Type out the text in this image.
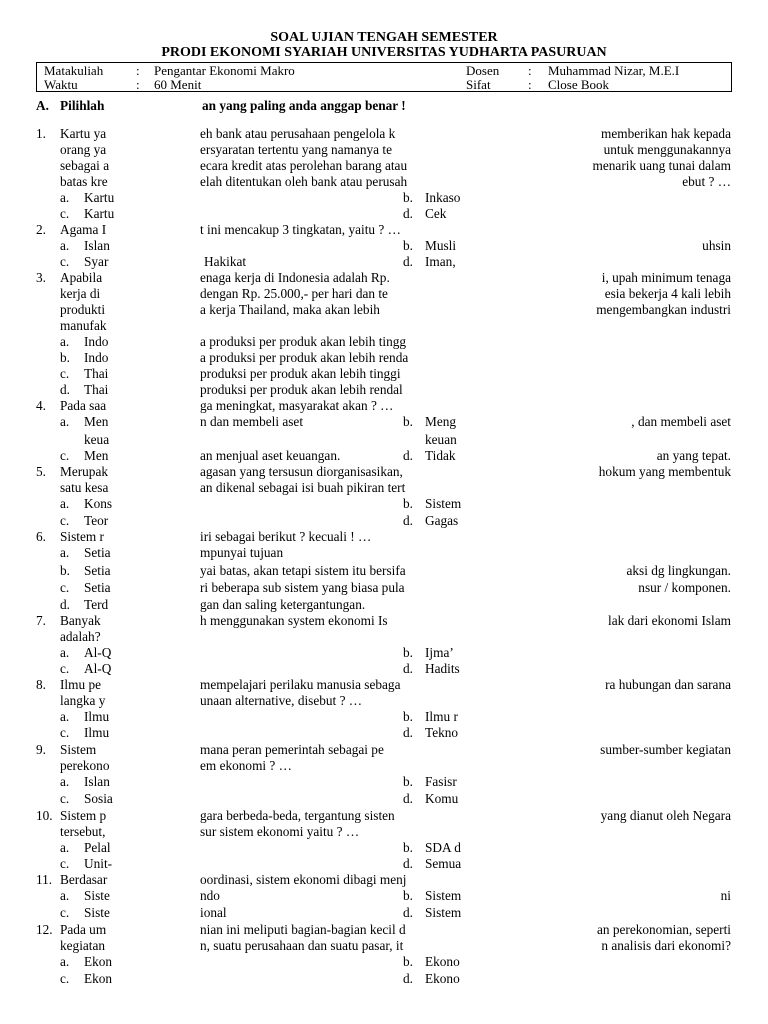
SOAL UJIAN TENGAH SEMESTER
PRODI EKONOMI SYARIAH UNIVERSITAS YUDHARTA PASURUAN
Matakuliah	: Pengantar Ekonomi Makro	Dosen : Muhammad Nizar, M.E.I
Waktu	: 60 Menit	Sifat	: Close Book
A. Pilihlah	an yang paling anda anggap benar !
1. Kartu ya	eh bank atau perusahaan pengelola k	memberikan hak kepada
orang ya	ersyaratan tertentu yang namanya te	untuk menggunakannya
sebagai a	ecara kredit atas perolehan barang atau	menarik uang tunai dalam
batas kre	elah ditentukan oleh bank atau perusah	ebut ? …
a. Kartu	b. Inkaso
c. Kartu	d. Cek
2. Agama I	t ini mencakup 3 tingkatan, yaitu ? …
a. Islan	b. Musli	uhsin
c. Syar	Hakikat	d. Iman,
3. Apabila	enaga kerja di Indonesia adalah Rp.	i, upah minimum tenaga
kerja di	dengan Rp. 25.000,- per hari dan te	esia bekerja 4 kali lebih
produkti	a kerja Thailand, maka akan lebih	mengembangkan industri
manufak
a. Indo	a produksi per produk akan lebih tingg
b. Indo	a produksi per produk akan lebih renda
c. Thai	produksi per produk akan lebih tinggi
d. Thai	produksi per produk akan lebih rendal
4. Pada saa	ga meningkat, masyarakat akan ? …
a. Men	n dan membeli aset	b. Meng	, dan membeli aset
keua	keuan
c. Men	an menjual aset keuangan.	d. Tidak	an yang tepat.
5. Merupak	agasan yang tersusun diorganisasikan,	hokum yang membentuk
satu kesa	an dikenal sebagai isi buah pikiran tert
a. Kons	b. Sistem
c. Teor	d. Gagas
6. Sistem r	iri sebagai berikut ? kecuali ! …
a. Setia	mpunyai tujuan
b. Setia	yai batas, akan tetapi sistem itu bersifa	aksi dg lingkungan.
c. Setia	ri beberapa sub sistem yang biasa pula	nsur / komponen.
d. Terd	gan dan saling ketergantungan.
7. Banyak	h menggunakan system ekonomi Is	lak dari ekonomi Islam
adalah?
a. Al-Q	b. Ijma’
c. Al-Q	d. Hadits
8. Ilmu pe	mempelajari perilaku manusia sebaga	ra hubungan dan sarana
langka y	unaan alternative, disebut ? …
a. Ilmu	b. Ilmu r
c. Ilmu	d. Tekno
9. Sistem	mana peran pemerintah sebagai pe	sumber-sumber kegiatan
perekono	em ekonomi ? …
a. Islan	b. Fasisr
c. Sosia	d. Komu
10. Sistem p	gara berbeda-beda, tergantung sisten	yang dianut oleh Negara
tersebut,	sur sistem ekonomi yaitu ? …
a. Pelal	b. SDA d
c. Unit-	d. Semua
11. Berdasar	oordinasi, sistem ekonomi dibagi menj
a. Siste	ndo	b. Sistem	ni
c. Siste	ional	d. Sistem
12. Pada um	nian ini meliputi bagian-bagian kecil d	an perekonomian, seperti
kegiatan	n, suatu perusahaan dan suatu pasar, it	n analisis dari ekonomi?
a. Ekon	b. Ekono
c. Ekon	d. Ekono
